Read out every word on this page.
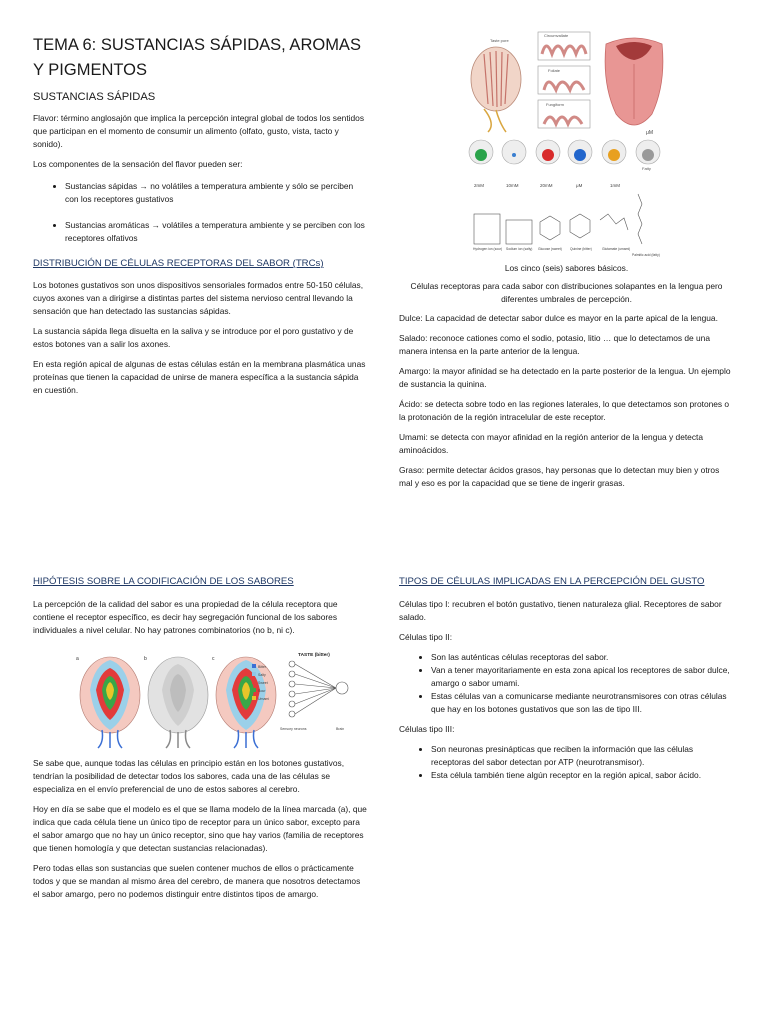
TEMA 6: SUSTANCIAS SÁPIDAS, AROMAS Y PIGMENTOS
SUSTANCIAS SÁPIDAS

Flavor: término anglosajón que implica la percepción integral global de todos los sentidos que participan en el momento de consumir un alimento (olfato, gusto, vista, tacto y sonido).

Los componentes de la sensación del flavor pueden ser:

• Sustancias sápidas → no volátiles a temperatura ambiente y sólo se perciben con los receptores gustativos
• Sustancias aromáticas → volátiles a temperatura ambiente y se perciben con los receptores olfativos
DISTRIBUCIÓN DE CÉLULAS RECEPTORAS DEL SABOR (TRCs)

Los botones gustativos son unos dispositivos sensoriales formados entre 50-150 células, cuyos axones van a dirigirse a distintas partes del sistema nervioso central llevando la sensación que han detectado las sustancias sápidas.

La sustancia sápida llega disuelta en la saliva y se introduce por el poro gustativo y de estos botones van a salir los axones.

En esta región apical de algunas de estas células están en la membrana plasmática unas proteínas que tienen la capacidad de unirse de manera específica a la sustancia sápida en cuestión.

Taste pore
Circumvallate
Foliate
Fungiform
μM
Fatty
2mM	10mM	20mM	μM	1mM
Hydrogen ion (sour) Sodium ion (salty) Glucose (sweet) Quinine (bitter)	Glutamate (umami)
Palmitic acid (fatty)

Los cinco (seis) sabores básicos.

Células receptoras para cada sabor con distribuciones solapantes en la lengua pero diferentes umbrales de percepción.

Dulce: La capacidad de detectar sabor dulce es mayor en la parte apical de la lengua.

Salado: reconoce cationes como el sodio, potasio, litio … que lo detectamos de una manera intensa en la parte anterior de la lengua.

Amargo: la mayor afinidad se ha detectado en la parte posterior de la lengua. Un ejemplo de sustancia la quinina.

Ácido: se detecta sobre todo en las regiones laterales, lo que detectamos son protones o la protonación de la región intracelular de este receptor.

Umami: se detecta con mayor afinidad en la región anterior de la lengua y detecta aminoácidos.

Graso: permite detectar ácidos grasos, hay personas que lo detectan muy bien y otros mal y eso es por la capacidad que se tiene de ingerir grasas.

HIPÓTESIS SOBRE LA CODIFICACIÓN DE LOS SABORES

La percepción de la calidad del sabor es una propiedad de la célula receptora que contiene el receptor específico, es decir hay segregación funcional de los sabores individuales a nivel celular. No hay patrones combinatorios (no b, ni c).

a	b	c
TASTE (bitter)
Bitter
Salty
Sweet
Sour
Umami
Sensory neurons	Brain

Se sabe que, aunque todas las células en principio están en los botones gustativos, tendrían la posibilidad de detectar todos los sabores, cada una de las células se especializa en el envío preferencial de uno de estos sabores al cerebro.

Hoy en día se sabe que el modelo es el que se llama modelo de la línea marcada (a), que indica que cada célula tiene un único tipo de receptor para un único sabor, excepto para el sabor amargo que no hay un único receptor, sino que hay varios (familia de receptores que tienen homología y que detectan sustancias relacionadas).

Pero todas ellas son sustancias que suelen contener muchos de ellos o prácticamente todos y que se mandan al mismo área del cerebro, de manera que nosotros detectamos el sabor amargo, pero no podemos distinguir entre distintos tipos de amargo.

TIPOS DE CÉLULAS IMPLICADAS EN LA PERCEPCIÓN DEL GUSTO

Células tipo I: recubren el botón gustativo, tienen naturaleza glial. Receptores de sabor salado.

Células tipo II:

• Son las auténticas células receptoras del sabor.
• Van a tener mayoritariamente en esta zona apical los receptores de sabor dulce, amargo o sabor umami.
• Estas células van a comunicarse mediante neurotransmisores con otras células que hay en los botones gustativos que son las de tipo III.

Células tipo III:

• Son neuronas presinápticas que reciben la información que las células receptoras del sabor detectan por ATP (neurotransmisor).
• Esta célula también tiene algún receptor en la región apical, sabor ácido.
